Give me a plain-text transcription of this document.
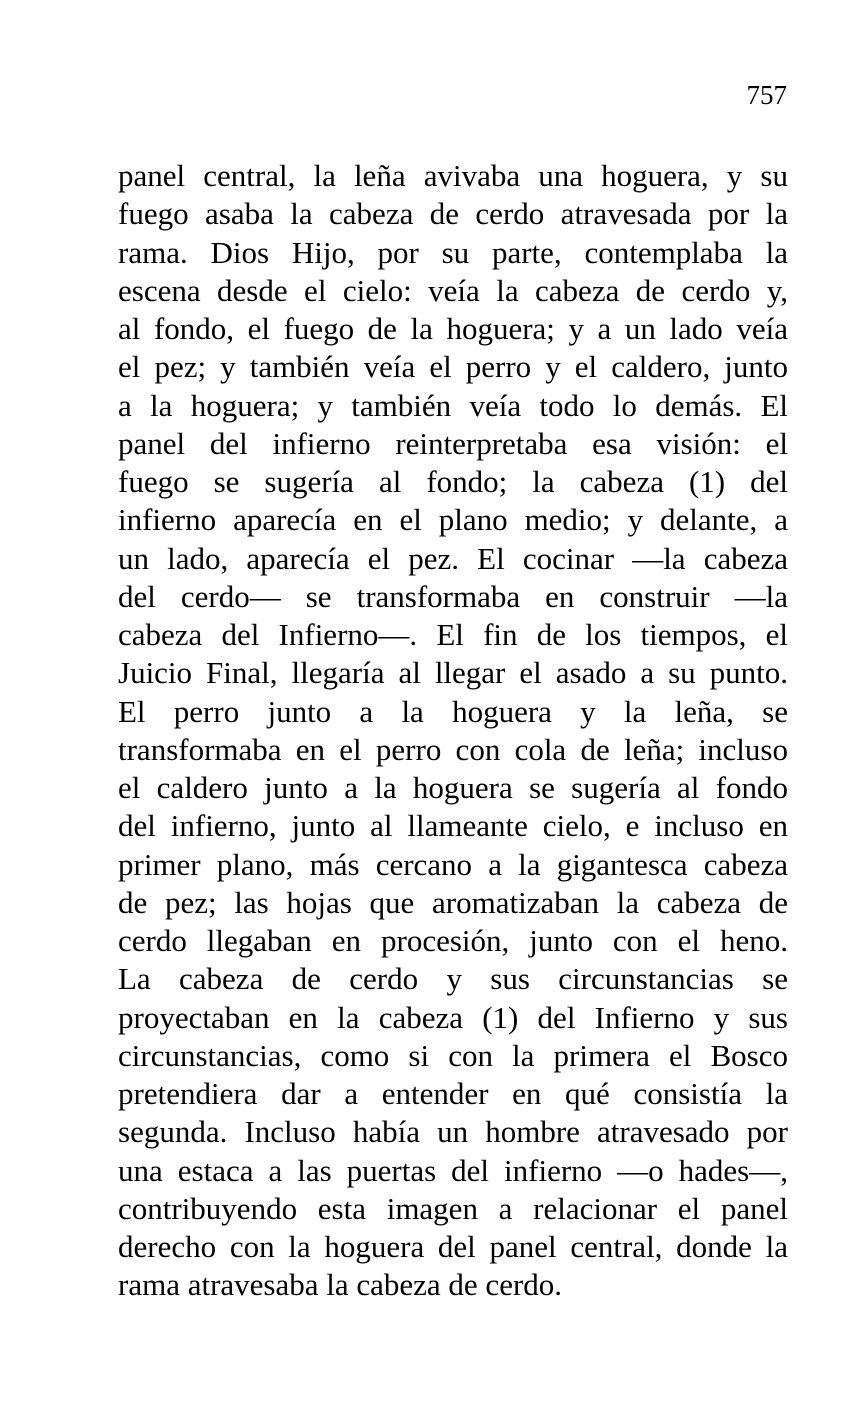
757
panel central, la leña avivaba una hoguera, y su
fuego asaba la cabeza de cerdo atravesada por la
rama. Dios Hijo, por su parte, contemplaba la
escena desde el cielo: veía la cabeza de cerdo y,
al fondo, el fuego de la hoguera; y a un lado veía
el pez; y también veía el perro y el caldero, junto
a la hoguera; y también veía todo lo demás. El
panel del infierno reinterpretaba esa visión: el
fuego se sugería al fondo; la cabeza (1) del
infierno aparecía en el plano medio; y delante, a
un lado, aparecía el pez. El cocinar —la cabeza
del cerdo— se transformaba en construir —la
cabeza del Infierno—. El fin de los tiempos, el
Juicio Final, llegaría al llegar el asado a su punto.
El perro junto a la hoguera y la leña, se
transformaba en el perro con cola de leña; incluso
el caldero junto a la hoguera se sugería al fondo
del infierno, junto al llameante cielo, e incluso en
primer plano, más cercano a la gigantesca cabeza
de pez; las hojas que aromatizaban la cabeza de
cerdo llegaban en procesión, junto con el heno.
La cabeza de cerdo y sus circunstancias se
proyectaban en la cabeza (1) del Infierno y sus
circunstancias, como si con la primera el Bosco
pretendiera dar a entender en qué consistía la
segunda. Incluso había un hombre atravesado por
una estaca a las puertas del infierno —o hades—,
contribuyendo esta imagen a relacionar el panel
derecho con la hoguera del panel central, donde la
rama atravesaba la cabeza de cerdo.
